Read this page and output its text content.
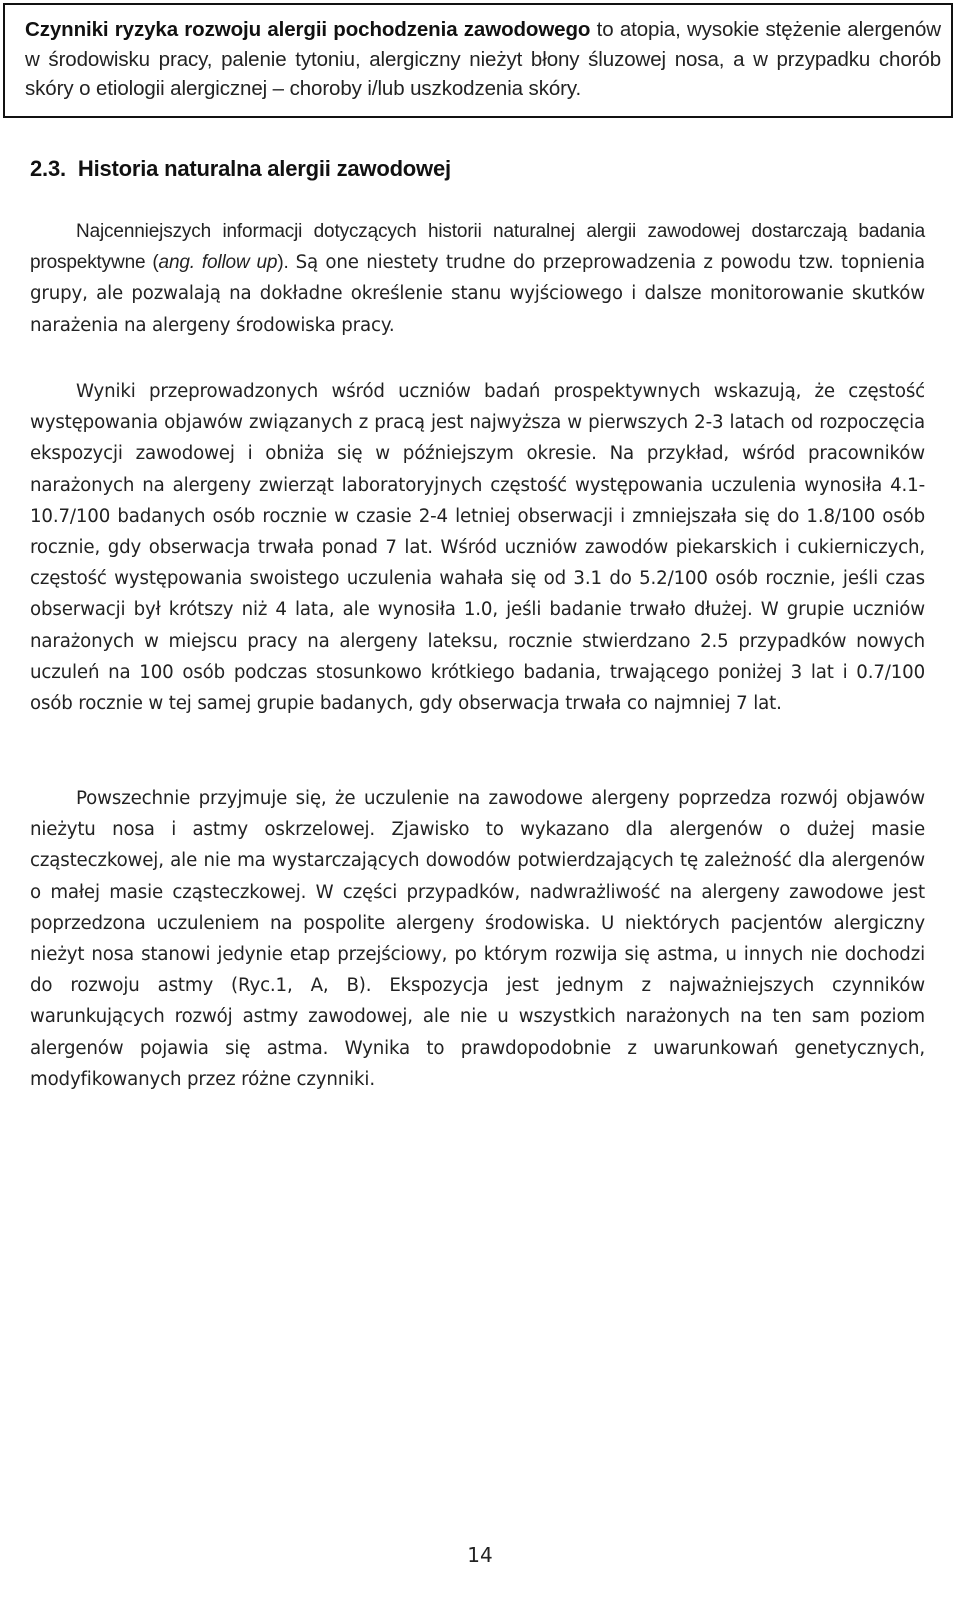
Czynniki ryzyka rozwoju alergii pochodzenia zawodowego to atopia, wysokie stężenie alergenów w środowisku pracy, palenie tytoniu, alergiczny nieżyt błony śluzowej nosa, a w przypadku chorób skóry o etiologii alergicznej – choroby i/lub uszkodzenia skóry.
2.3. Historia naturalna alergii zawodowej

Najcenniejszych informacji dotyczących historii naturalnej alergii zawodowej dostarczają badania prospektywne (ang. follow up). Są one niestety trudne do przeprowadzenia z powodu tzw. topnienia grupy, ale pozwalają na dokładne określenie stanu wyjściowego i dalsze monitorowanie skutków narażenia na alergeny środowiska pracy.

Wyniki przeprowadzonych wśród uczniów badań prospektywnych wskazują, że częstość występowania objawów związanych z pracą jest najwyższa w pierwszych 2-3 latach od rozpoczęcia ekspozycji zawodowej i obniża się w późniejszym okresie. Na przykład, wśród pracowników narażonych na alergeny zwierząt laboratoryjnych częstość występowania uczulenia wynosiła 4.1-10.7/100 badanych osób rocznie w czasie 2-4 letniej obserwacji i zmniejszała się do 1.8/100 osób rocznie, gdy obserwacja trwała ponad 7 lat. Wśród uczniów zawodów piekarskich i cukierniczych, częstość występowania swoistego uczulenia wahała się od 3.1 do 5.2/100 osób rocznie, jeśli czas obserwacji był krótszy niż 4 lata, ale wynosiła 1.0, jeśli badanie trwało dłużej. W grupie uczniów narażonych w miejscu pracy na alergeny lateksu, rocznie stwierdzano 2.5 przypadków nowych uczuleń na 100 osób podczas stosunkowo krótkiego badania, trwającego poniżej 3 lat i 0.7/100 osób rocznie w tej samej grupie badanych, gdy obserwacja trwała co najmniej 7 lat.

Powszechnie przyjmuje się, że uczulenie na zawodowe alergeny poprzedza rozwój objawów nieżytu nosa i astmy oskrzelowej. Zjawisko to wykazano dla alergenów o dużej masie cząsteczkowej, ale nie ma wystarczających dowodów potwierdzających tę zależność dla alergenów o małej masie cząsteczkowej. W części przypadków, nadwrażliwość na alergeny zawodowe jest poprzedzona uczuleniem na pospolite alergeny środowiska. U niektórych pacjentów alergiczny nieżyt nosa stanowi jedynie etap przejściowy, po którym rozwija się astma, u innych nie dochodzi do rozwoju astmy (Ryc.1, A, B). Ekspozycja jest jednym z najważniejszych czynników warunkujących rozwój astmy zawodowej, ale nie u wszystkich narażonych na ten sam poziom alergenów pojawia się astma. Wynika to prawdopodobnie z uwarunkowań genetycznych, modyfikowanych przez różne czynniki.

14
